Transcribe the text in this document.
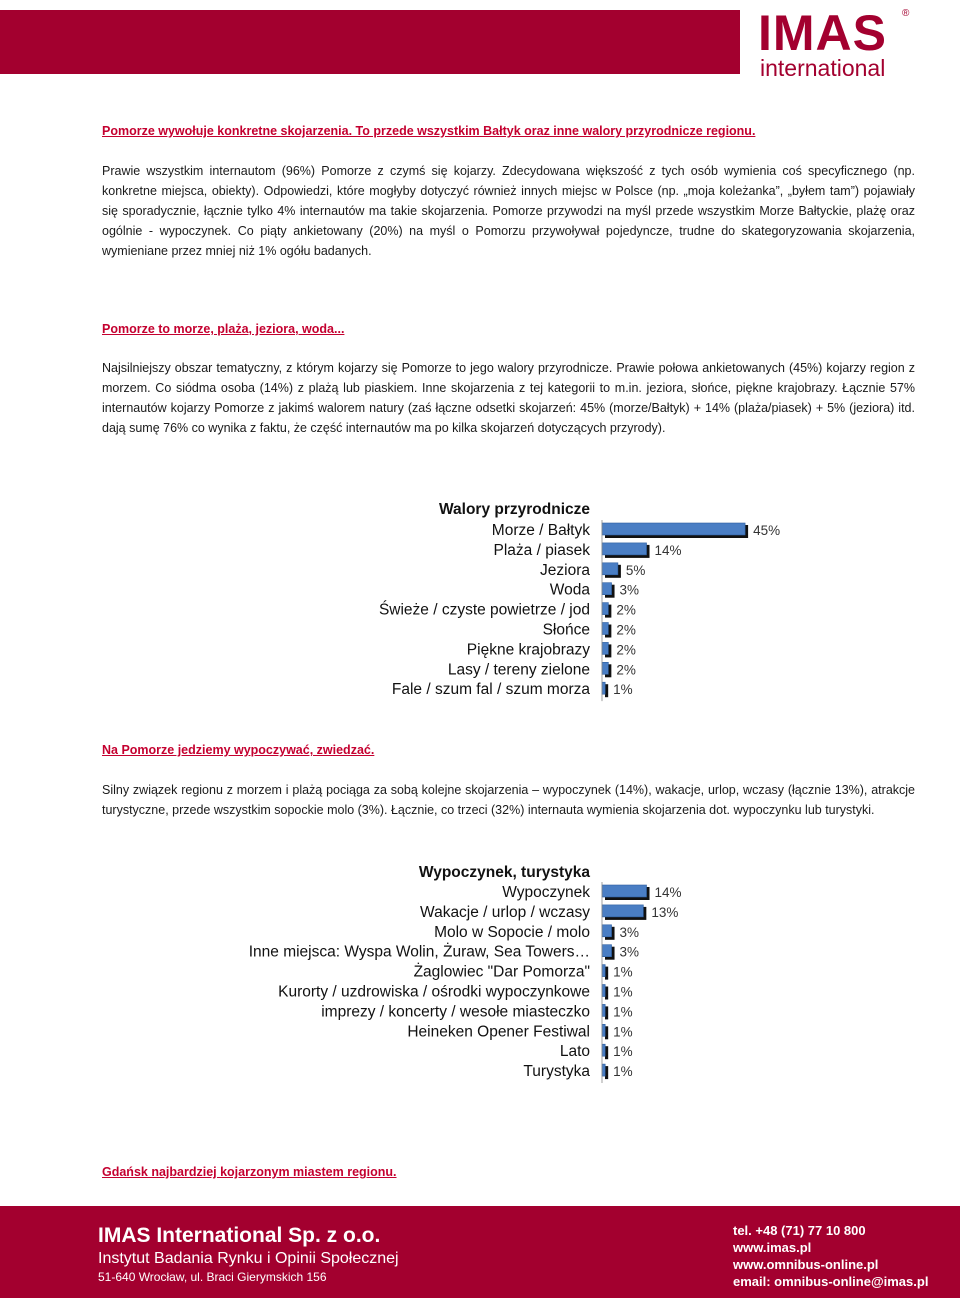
IMAS ®
international
Pomorze wywołuje konkretne skojarzenia. To przede wszystkim Bałtyk oraz inne walory przyrodnicze regionu.
Prawie wszystkim internautom (96%) Pomorze z czymś się kojarzy. Zdecydowana większość z tych osób wymienia coś specyficznego (np. konkretne miejsca, obiekty). Odpowiedzi, które mogłyby dotyczyć również innych miejsc w Polsce (np. „moja koleżanka”, „byłem tam”) pojawiały się sporadycznie, łącznie tylko 4% internautów ma takie skojarzenia. Pomorze przywodzi na myśl przede wszystkim Morze Bałtyckie, plażę oraz ogólnie - wypoczynek. Co piąty ankietowany (20%) na myśl o Pomorzu przywoływał pojedyncze, trudne do skategoryzowania skojarzenia, wymieniane przez mniej niż 1% ogółu badanych.
Pomorze to morze, plaża, jeziora, woda...
Najsilniejszy obszar tematyczny, z którym kojarzy się Pomorze to jego walory przyrodnicze. Prawie połowa ankietowanych (45%) kojarzy region z morzem. Co siódma osoba (14%) z plażą lub piaskiem. Inne skojarzenia z tej kategorii to m.in. jeziora, słońce, piękne krajobrazy. Łącznie 57% internautów kojarzy Pomorze z jakimś walorem natury (zaś łączne odsetki skojarzeń: 45% (morze/Bałtyk) + 14% (plaża/piasek) + 5% (jeziora) itd. dają sumę 76% co wynika z faktu, że część internautów ma po kilka skojarzeń dotyczących przyrody).
Walory przyrodnicze
Morze / Bałtyk	45%
Plaża / piasek	14%
Jeziora	5%
Woda 3%
Świeże / czyste powietrze / jod 2%
Słońce 2%
Piękne krajobrazy 2%
Lasy / tereny zielone 2%
Fale / szum fal / szum morza 1%
Na Pomorze jedziemy wypoczywać, zwiedzać.
Silny związek regionu z morzem i plażą pociąga za sobą kolejne skojarzenia – wypoczynek (14%), wakacje, urlop, wczasy (łącznie 13%), atrakcje turystyczne, przede wszystkim sopockie molo (3%). Łącznie, co trzeci (32%) internauta wymienia skojarzenia dot. wypoczynku lub turystyki.
Wypoczynek, turystyka
Wypoczynek	14%
Wakacje / urlop / wczasy	13%
Molo w Sopocie / molo 3%
Inne miejsca: Wyspa Wolin, Żuraw, Sea Towers… 3%
Żaglowiec "Dar Pomorza" 1%
Kurorty / uzdrowiska / ośrodki wypoczynkowe 1%
imprezy / koncerty / wesołe miasteczko 1%
Heineken Opener Festiwal 1%
Lato 1%
Turystyka 1%
Gdańsk najbardziej kojarzonym miastem regionu.
IMAS International Sp. z o.o.
Instytut Badania Rynku i Opinii Społecznej
51-640 Wrocław, ul. Braci Gierymskich 156
tel. +48 (71) 77 10 800
www.imas.pl
www.omnibus-online.pl
email: omnibus-online@imas.pl
